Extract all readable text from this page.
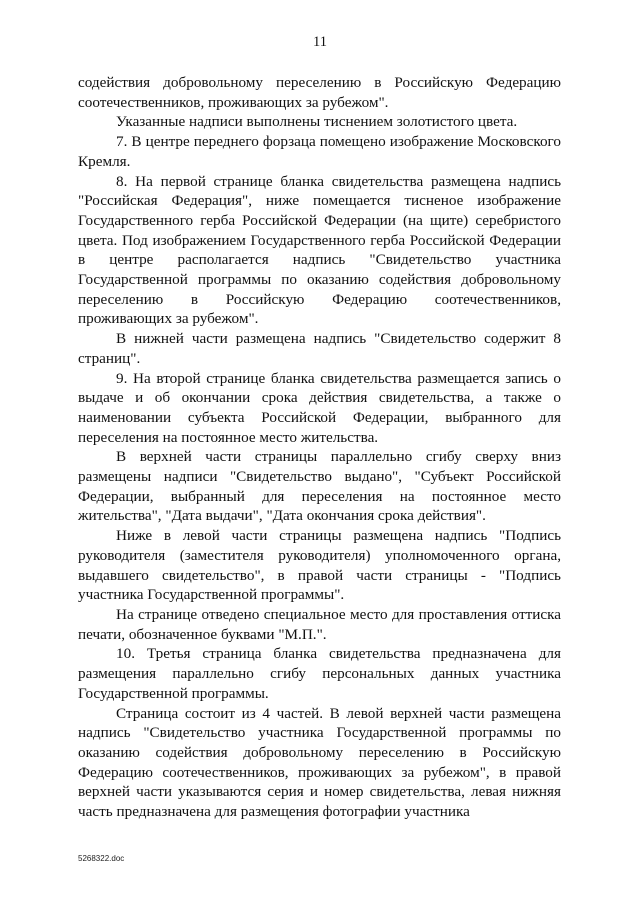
11

содействия добровольному переселению в Российскую Федерацию соотечественников, проживающих за рубежом".

Указанные надписи выполнены тиснением золотистого цвета.

7. В центре переднего форзаца помещено изображение Московского Кремля.

8. На первой странице бланка свидетельства размещена надпись "Российская Федерация", ниже помещается тисненое изображение Государственного герба Российской Федерации (на щите) серебристого цвета. Под изображением Государственного герба Российской Федерации в центре располагается надпись "Свидетельство участника Государственной программы по оказанию содействия добровольному переселению в Российскую Федерацию соотечественников, проживающих за рубежом".

В нижней части размещена надпись "Свидетельство содержит 8 страниц".

9. На второй странице бланка свидетельства размещается запись о выдаче и об окончании срока действия свидетельства, а также о наименовании субъекта Российской Федерации, выбранного для переселения на постоянное место жительства.

В верхней части страницы параллельно сгибу сверху вниз размещены надписи "Свидетельство выдано", "Субъект Российской Федерации, выбранный для переселения на постоянное место жительства", "Дата выдачи", "Дата окончания срока действия".

Ниже в левой части страницы размещена надпись "Подпись руководителя (заместителя руководителя) уполномоченного органа, выдавшего свидетельство", в правой части страницы - "Подпись участника Государственной программы".

На странице отведено специальное место для проставления оттиска печати, обозначенное буквами "М.П.".

10. Третья страница бланка свидетельства предназначена для размещения параллельно сгибу персональных данных участника Государственной программы.

Страница состоит из 4 частей. В левой верхней части размещена надпись "Свидетельство участника Государственной программы по оказанию содействия добровольному переселению в Российскую Федерацию соотечественников, проживающих за рубежом", в правой верхней части указываются серия и номер свидетельства, левая нижняя часть предназначена для размещения фотографии участника

5268322.doc
